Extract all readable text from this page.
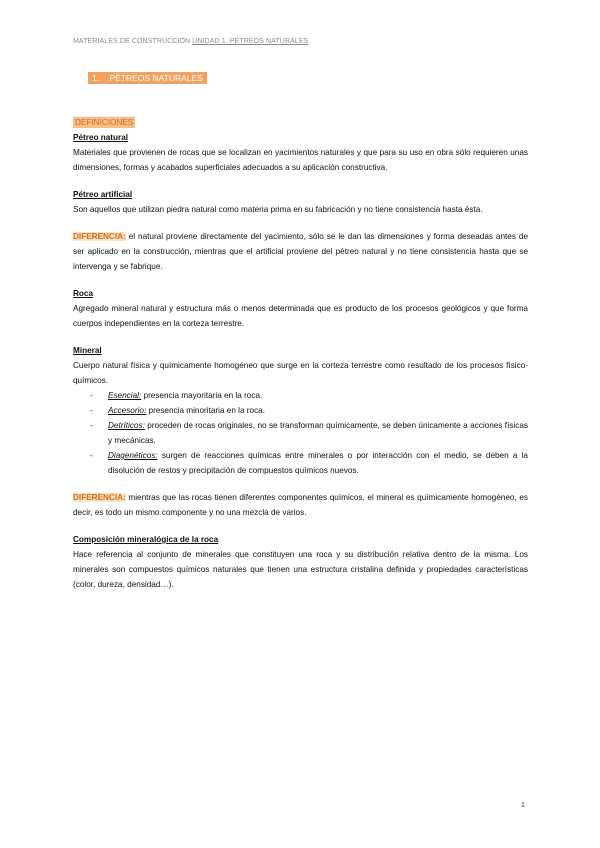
MATERIALES DE CONSTRUCCIÓN UNIDAD 1. PÉTREOS NATURALES
1. PÉTREOS NATURALES
DEFINICIONES
Pétreo natural

Materiales que provienen de rocas que se localizan en yacimientos naturales y que para su uso en obra sólo requieren unas dimensiones, formas y acabados superficiales adecuados a su aplicación constructiva.

Pétreo artificial

Son aquellos que utilizan piedra natural como materia prima en su fabricación y no tiene consistencia hasta ésta.

DIFERENCIA: el natural proviene directamente del yacimiento, sólo se le dan las dimensiones y forma deseadas antes de ser aplicado en la construcción, mientras que el artificial proviene del pétreo natural y no tiene consistencia hasta que se intervenga y se fabrique.

Roca

Agregado mineral natural y estructura más o menos determinada que es producto de los procesos geológicos y que forma cuerpos independientes en la corteza terrestre.

Mineral

Cuerpo natural física y químicamente homogéneo que surge en la corteza terrestre como resultado de los procesos físico-químicos.

- Esencial: presencia mayoritaria en la roca.
- Accesorio: presencia minoritaria en la roca.
- Detríticos: proceden de rocas originales, no se transforman químicamente, se deben únicamente a acciones físicas y mecánicas.
- Diagenéticos: surgen de reacciones químicas entre minerales o por interacción con el medio, se deben a la disolución de restos y precipitación de compuestos químicos nuevos.

DIFERENCIA: mientras que las rocas tienen diferentes componentes químicos, el mineral es químicamente homogéneo, es decir, es todo un mismo componente y no una mezcla de varios.

Composición mineralógica de la roca

Hace referencia al conjunto de minerales que constituyen una roca y su distribución relativa dentro de la misma. Los minerales son compuestos químicos naturales que tienen una estructura cristalina definida y propiedades características (color, dureza, densidad…).

1
